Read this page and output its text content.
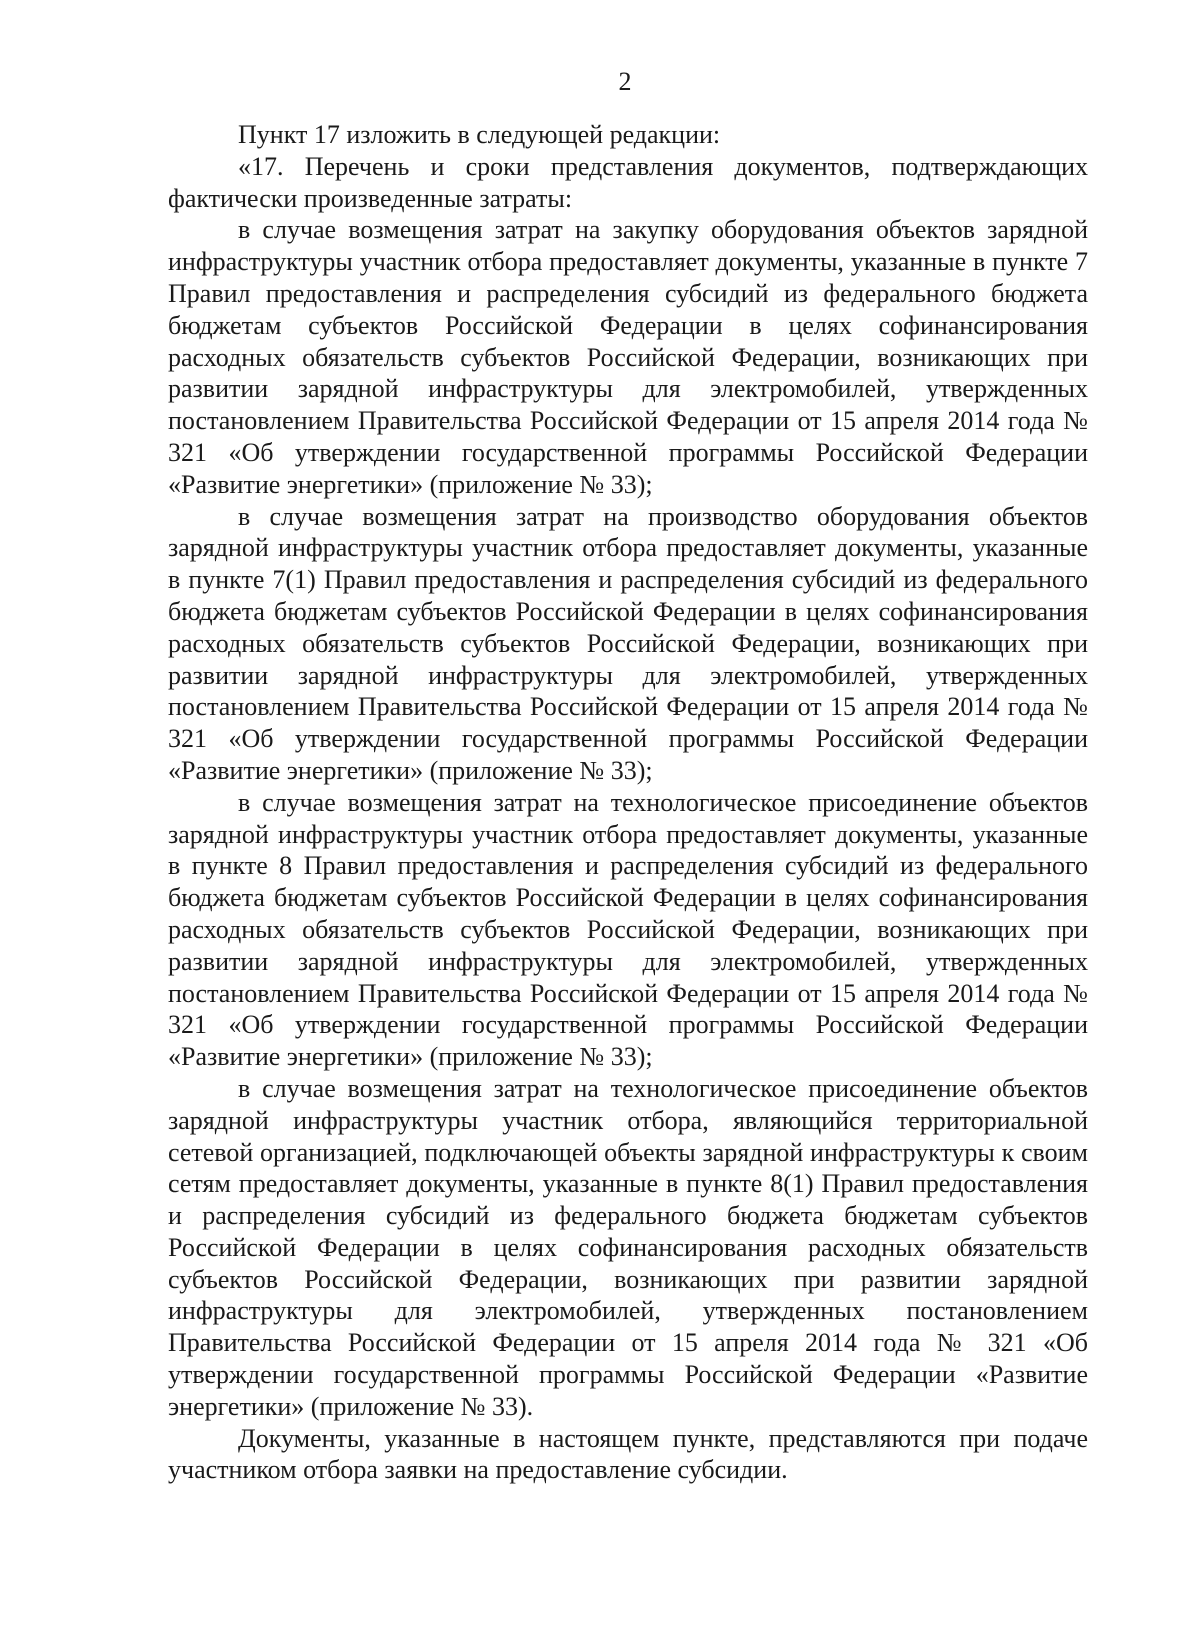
2

Пункт 17 изложить в следующей редакции:

«17. Перечень и сроки представления документов, подтверждающих фактически произведенные затраты:

в случае возмещения затрат на закупку оборудования объектов зарядной инфраструктуры участник отбора предоставляет документы, указанные в пункте 7 Правил предоставления и распределения субсидий из федерального бюджета бюджетам субъектов Российской Федерации в целях софинансирования расходных обязательств субъектов Российской Федерации, возникающих при развитии зарядной инфраструктуры для электромобилей, утвержденных постановлением Правительства Российской Федерации от 15 апреля 2014 года № 321 «Об утверждении государственной программы Российской Федерации «Развитие энергетики» (приложение № 33);

в случае возмещения затрат на производство оборудования объектов зарядной инфраструктуры участник отбора предоставляет документы, указанные в пункте 7(1) Правил предоставления и распределения субсидий из федерального бюджета бюджетам субъектов Российской Федерации в целях софинансирования расходных обязательств субъектов Российской Федерации, возникающих при развитии зарядной инфраструктуры для электромобилей, утвержденных постановлением Правительства Российской Федерации от 15 апреля 2014 года № 321 «Об утверждении государственной программы Российской Федерации «Развитие энергетики» (приложение № 33);

в случае возмещения затрат на технологическое присоединение объектов зарядной инфраструктуры участник отбора предоставляет документы, указанные в пункте 8 Правил предоставления и распределения субсидий из федерального бюджета бюджетам субъектов Российской Федерации в целях софинансирования расходных обязательств субъектов Российской Федерации, возникающих при развитии зарядной инфраструктуры для электромобилей, утвержденных постановлением Правительства Российской Федерации от 15 апреля 2014 года № 321 «Об утверждении государственной программы Российской Федерации «Развитие энергетики» (приложение № 33);

в случае возмещения затрат на технологическое присоединение объектов зарядной инфраструктуры участник отбора, являющийся территориальной сетевой организацией, подключающей объекты зарядной инфраструктуры к своим сетям предоставляет документы, указанные в пункте 8(1) Правил предоставления и распределения субсидий из федерального бюджета бюджетам субъектов Российской Федерации в целях софинансирования расходных обязательств субъектов Российской Федерации, возникающих при развитии зарядной инфраструктуры для электромобилей, утвержденных постановлением Правительства Российской Федерации от 15 апреля 2014 года № 321 «Об утверждении государственной программы Российской Федерации «Развитие энергетики» (приложение № 33).

Документы, указанные в настоящем пункте, представляются при подаче участником отбора заявки на предоставление субсидии.
